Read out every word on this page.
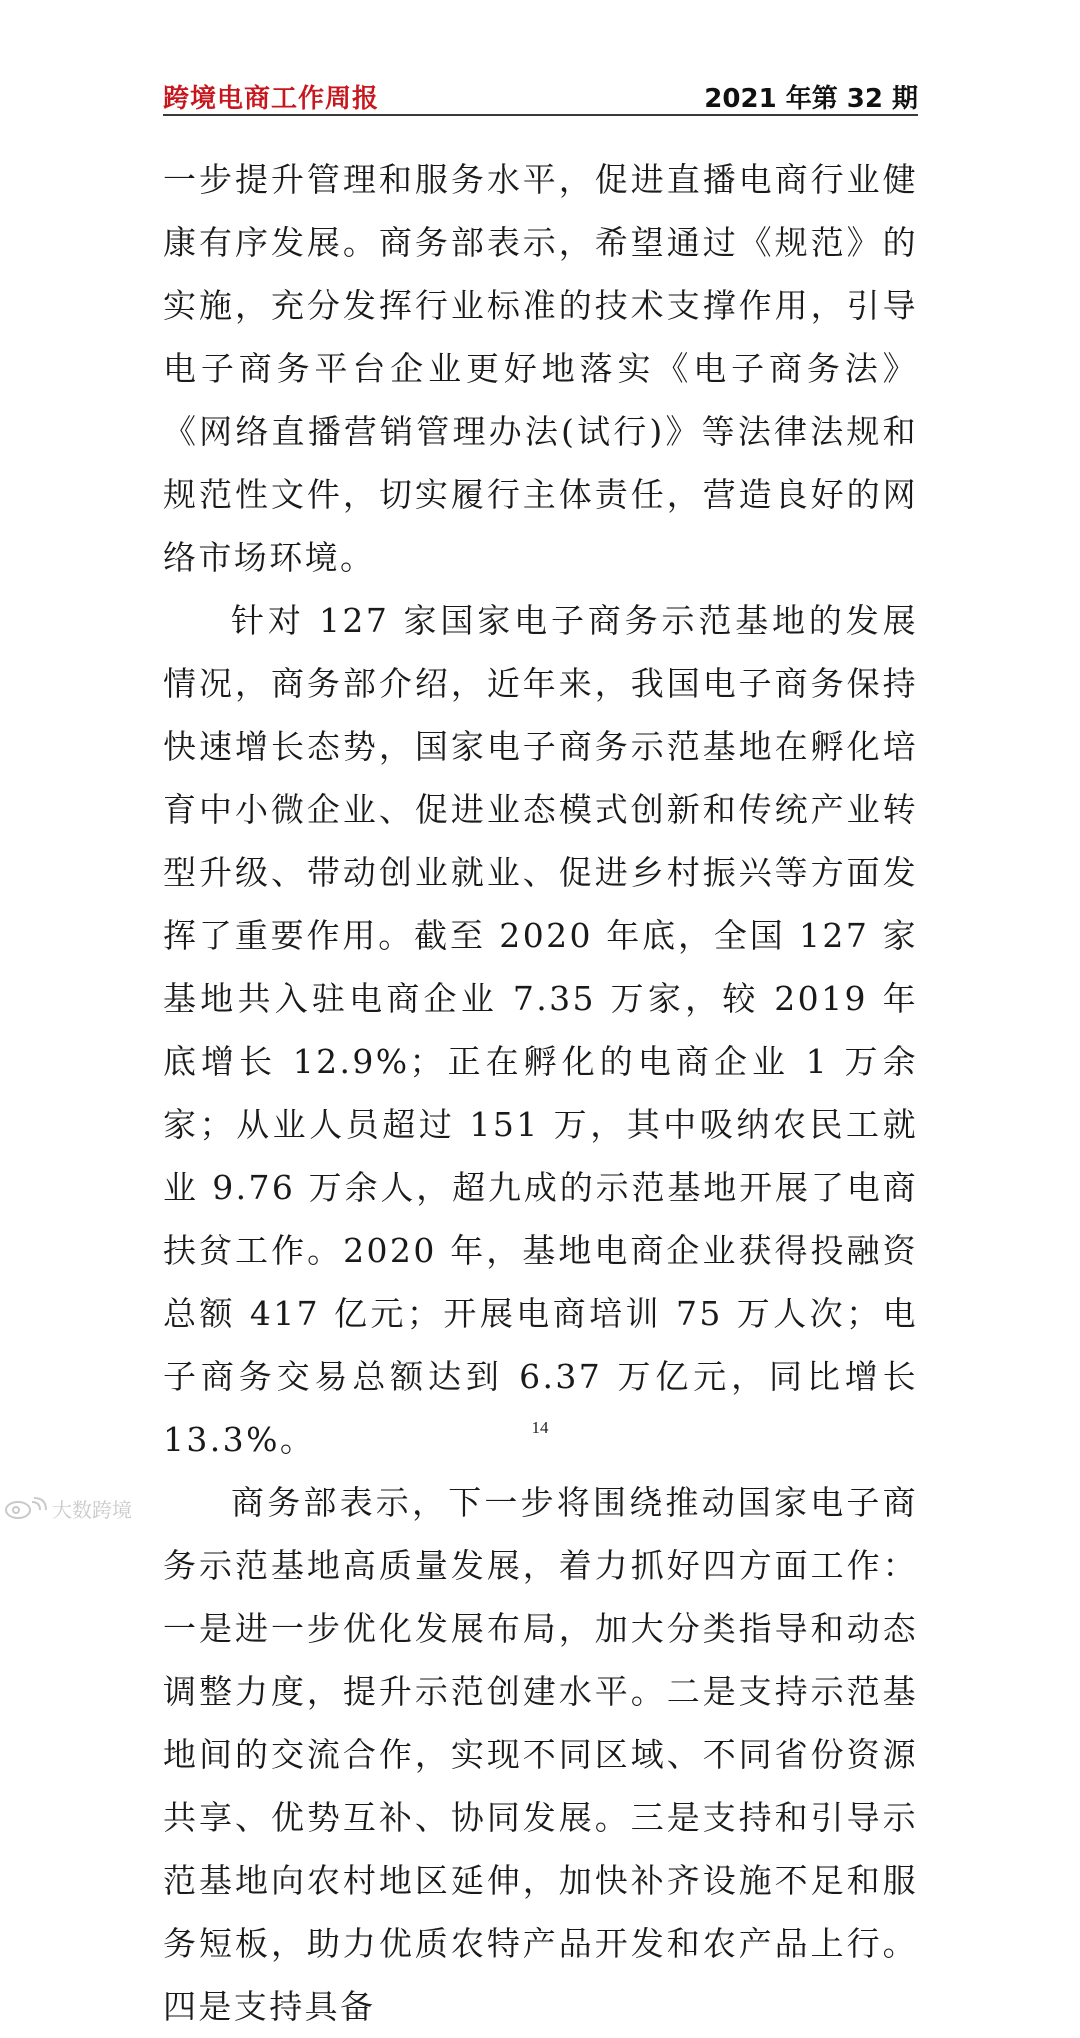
跨境电商工作周报	2021 年第 32 期

一步提升管理和服务水平，促进直播电商行业健康有序发展。商务部表示，希望通过《规范》的实施，充分发挥行业标准的技术支撑作用，引导电子商务平台企业更好地落实《电子商务法》《网络直播营销管理办法(试行)》等法律法规和规范性文件，切实履行主体责任，营造良好的网络市场环境。

针对 127 家国家电子商务示范基地的发展情况，商务部介绍，近年来，我国电子商务保持快速增长态势，国家电子商务示范基地在孵化培育中小微企业、促进业态模式创新和传统产业转型升级、带动创业就业、促进乡村振兴等方面发挥了重要作用。截至 2020 年底，全国 127 家基地共入驻电商企业 7.35 万家，较 2019 年底增长 12.9%；正在孵化的电商企业 1 万余家；从业人员超过 151 万，其中吸纳农民工就业 9.76 万余人，超九成的示范基地开展了电商扶贫工作。2020 年，基地电商企业获得投融资总额 417 亿元；开展电商培训 75 万人次；电子商务交易总额达到 6.37 万亿元，同比增长 13.3%。

商务部表示，下一步将围绕推动国家电子商务示范基地高质量发展，着力抓好四方面工作：一是进一步优化发展布局，加大分类指导和动态调整力度，提升示范创建水平。二是支持示范基地间的交流合作，实现不同区域、不同省份资源共享、优势互补、协同发展。三是支持和引导示范基地向农村地区延伸，加快补齐设施不足和服务短板，助力优质农特产品开发和农产品上行。四是支持具备

14
大数跨境
